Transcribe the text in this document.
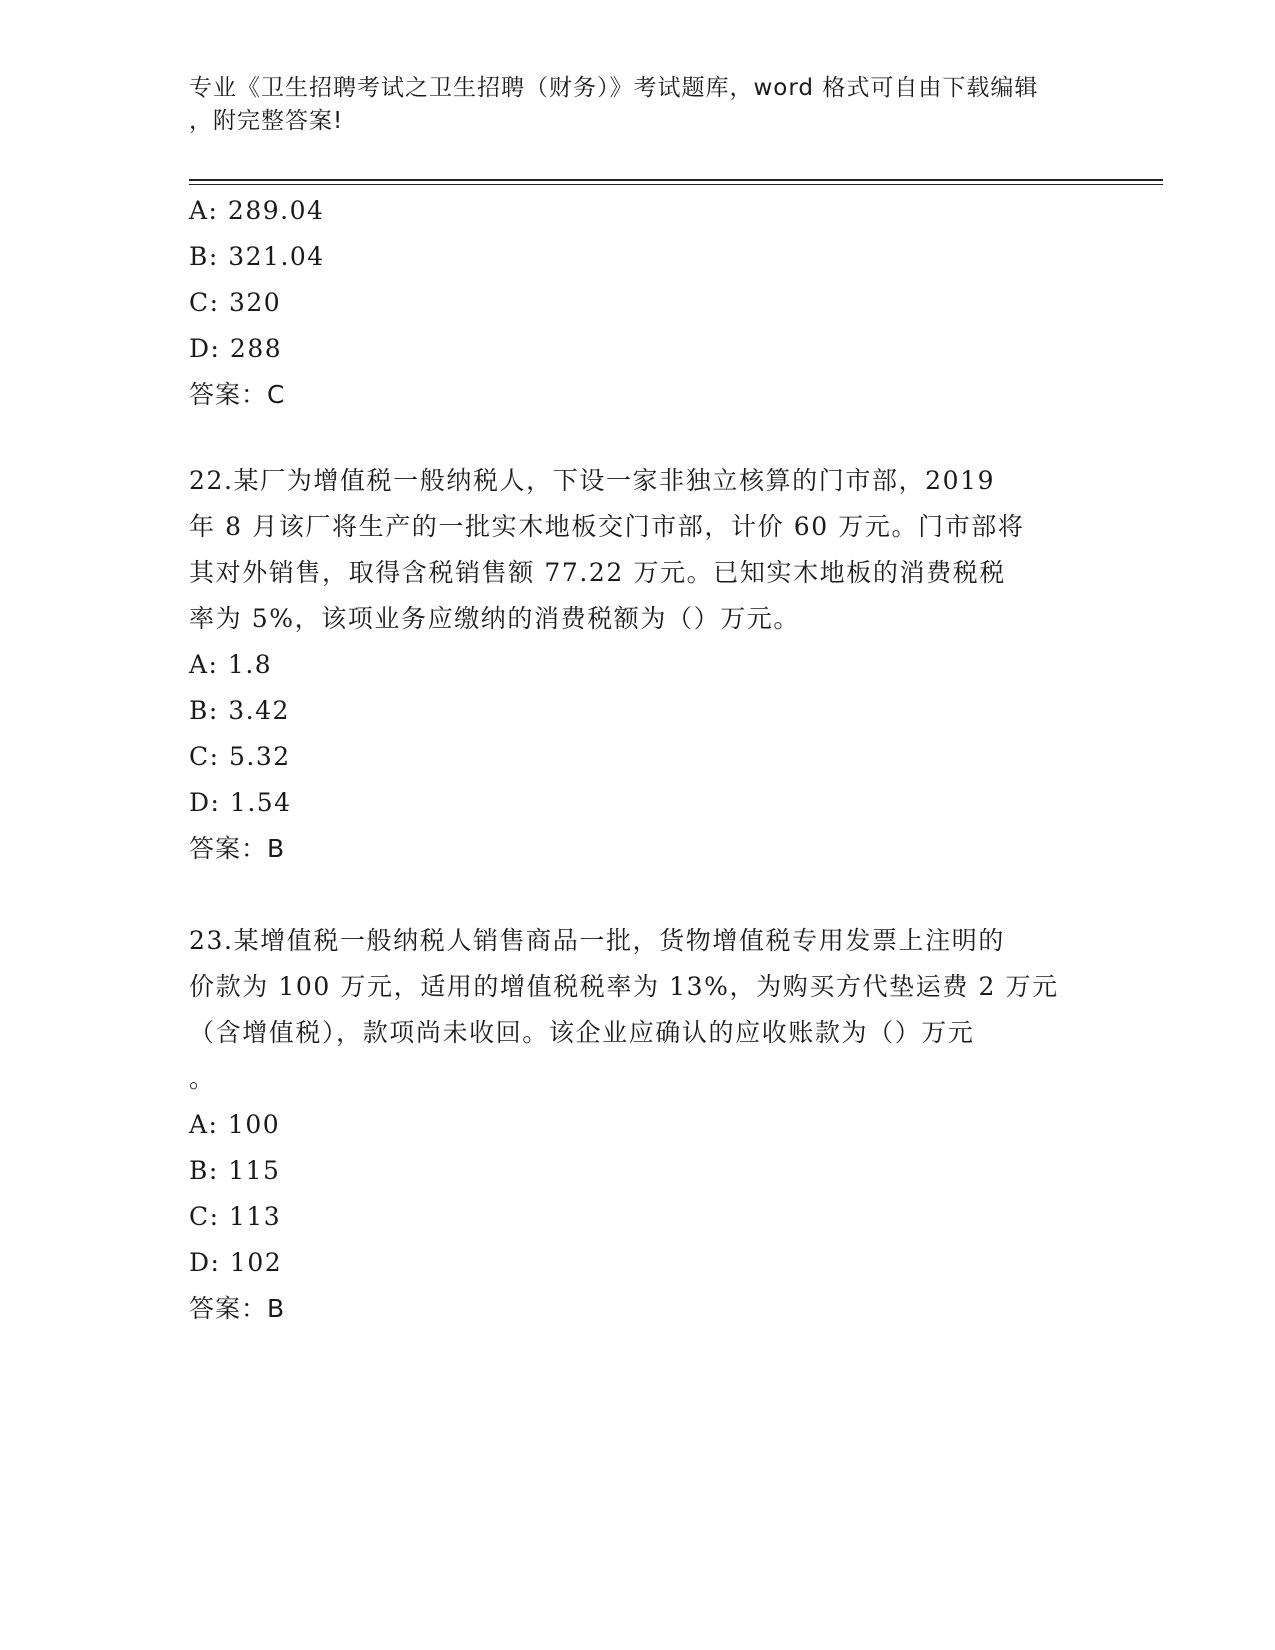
专业《卫生招聘考试之卫生招聘（财务）》考试题库，word 格式可自由下载编辑
，附完整答案!
A: 289.04
B: 321.04
C: 320
D: 288
答案：C
22.某厂为增值税一般纳税人，下设一家非独立核算的门市部，2019
年 8 月该厂将生产的一批实木地板交门市部，计价 60 万元。门市部将
其对外销售，取得含税销售额 77.22 万元。已知实木地板的消费税税
率为 5%，该项业务应缴纳的消费税额为（）万元。
A: 1.8
B: 3.42
C: 5.32
D: 1.54
答案：B
23.某增值税一般纳税人销售商品一批，货物增值税专用发票上注明的
价款为 100 万元，适用的增值税税率为 13%，为购买方代垫运费 2 万元
（含增值税），款项尚未收回。该企业应确认的应收账款为（）万元
。
A: 100
B: 115
C: 113
D: 102
答案：B
